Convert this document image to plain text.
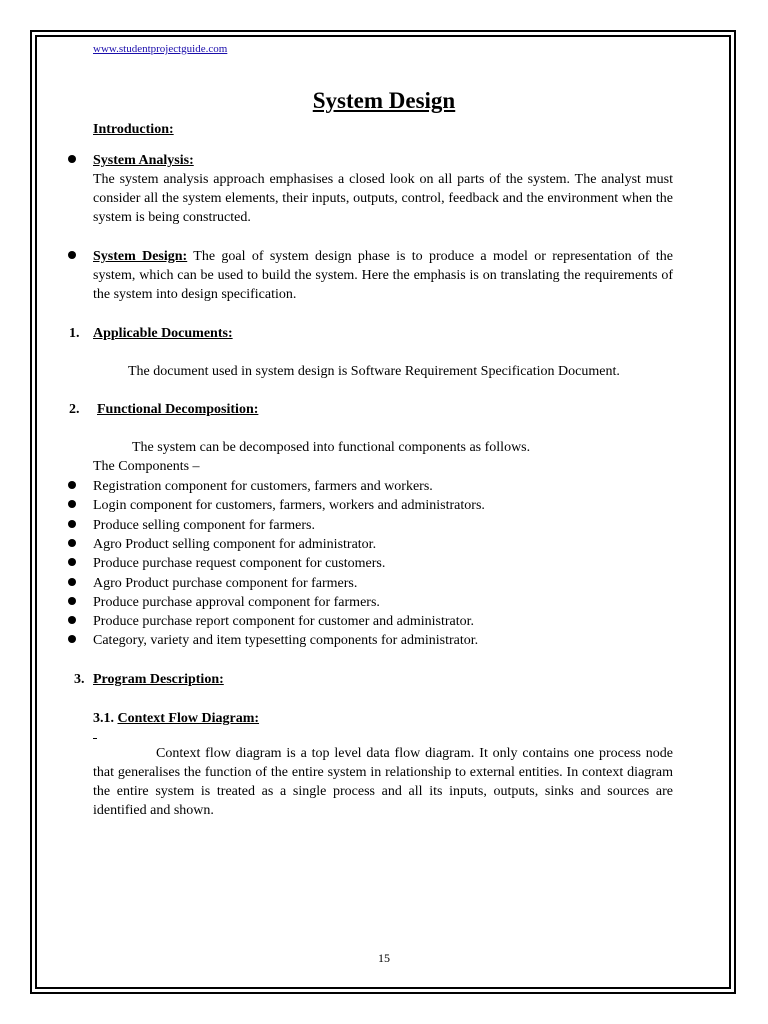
www.studentprojectguide.com
System Design
Introduction:
System Analysis:
The system analysis approach emphasises a closed look on all parts of the system. The analyst must consider all the system elements, their inputs, outputs, control, feedback and the environment when the system is being constructed.
System Design: The goal of system design phase is to produce a model or representation of the system, which can be used to build the system. Here the emphasis is on translating the requirements of the system into design specification.
1. Applicable Documents:
The document used in system design is Software Requirement Specification Document.
2. Functional Decomposition:
The system can be decomposed into functional components as follows.
The Components –
Registration component for customers, farmers and workers.
Login component for customers, farmers, workers and administrators.
Produce selling component for farmers.
Agro Product selling component for administrator.
Produce purchase request component for customers.
Agro Product purchase component for farmers.
Produce purchase approval component for farmers.
Produce purchase report component for customer and administrator.
Category, variety and item typesetting components for administrator.
3. Program Description:
3.1. Context Flow Diagram:
Context flow diagram is a top level data flow diagram. It only contains one process node that generalises the function of the entire system in relationship to external entities. In context diagram the entire system is treated as a single process and all its inputs, outputs, sinks and sources are identified and shown.
15
